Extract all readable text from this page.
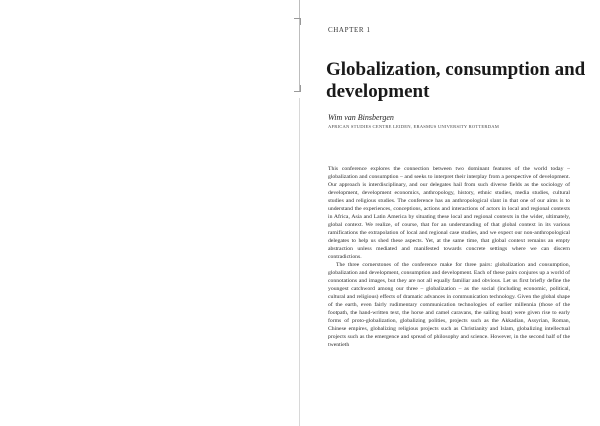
CHAPTER 1
Globalization, consumption and development
Wim van Binsbergen
AFRICAN STUDIES CENTRE LEIDEN, ERASMUS UNIVERSITY ROTTERDAM

This conference explores the connection between two dominant features of the world today – globalization and consumption – and seeks to interpret their interplay from a perspective of development. Our approach is interdisciplinary, and our delegates hail from such diverse fields as the sociology of development, development economics, anthropology, history, ethnic studies, media studies, cultural studies and religious studies. The conference has an anthropological slant in that one of our aims is to understand the experiences, conceptions, actions and interactions of actors in local and regional contexts in Africa, Asia and Latin America by situating these local and regional contexts in the wider, ultimately, global context. We realize, of course, that for an understanding of that global context in its various ramifications the extrapolation of local and regional case studies, and we expect our non-anthropological delegates to help us shed these aspects. Yet, at the same time, that global context remains an empty abstraction unless mediated and manifested towards concrete settings where we can discern contradictions.

The three cornerstones of the conference make for three pairs: globalization and consumption, globalization and development, consumption and development. Each of these pairs conjures up a world of connotations and images, but they are not all equally familiar and obvious. Let us first briefly define the youngest catchword among our three – globalization – as the social (including economic, political, cultural and religious) effects of dramatic advances in communication technology. Given the global shape of the earth, even fairly rudimentary communication technologies of earlier millennia (those of the footpath, the hand-written text, the horse and camel caravans, the sailing boat) were given rise to early forms of proto-globalization, globalizing polities, projects such as the Akkadian, Assyrian, Roman, Chinese empires, globalizing religious projects such as Christianity and Islam, globalizing intellectual projects such as the emergence and spread of philosophy and science. However, in the second half of the twentieth
